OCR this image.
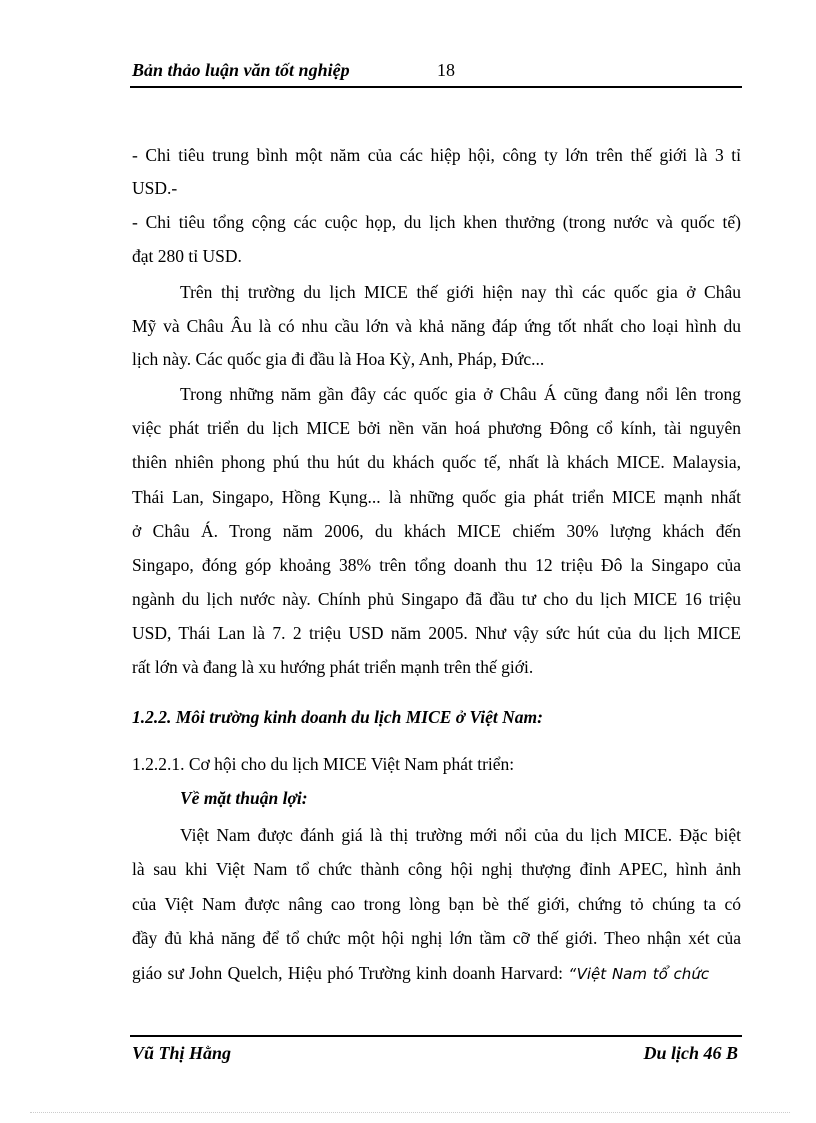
Bản thảo luận văn tốt nghiệp	18
- Chi tiêu trung bình một năm của các hiệp hội, công ty lớn trên thế giới là 3 tỉ
USD.-
- Chi tiêu tổng cộng các cuộc họp, du lịch khen thưởng (trong nước và quốc tế)
đạt 280 tỉ USD.
Trên thị trường du lịch MICE thế giới hiện nay thì các quốc gia ở Châu
Mỹ và Châu Âu là có nhu cầu lớn và khả năng đáp ứng tốt nhất cho loại hình du
lịch này. Các quốc gia đi đầu là Hoa Kỳ, Anh, Pháp, Đức...
Trong những năm gần đây các quốc gia ở Châu Á cũng đang nổi lên trong
việc phát triển du lịch MICE bởi nền văn hoá phương Đông cổ kính, tài nguyên
thiên nhiên phong phú thu hút du khách quốc tế, nhất là khách MICE. Malaysia,
Thái Lan, Singapo, Hồng Kụng... là những quốc gia phát triển MICE mạnh nhất
ở Châu Á. Trong năm 2006, du khách MICE chiếm 30% lượng khách đến
Singapo, đóng góp khoảng 38% trên tổng doanh thu 12 triệu Đô la Singapo của
ngành du lịch nước này. Chính phủ Singapo đã đầu tư cho du lịch MICE 16 triệu
USD, Thái Lan là 7. 2 triệu USD năm 2005. Như vậy sức hút của du lịch MICE
rất lớn và đang là xu hướng phát triển mạnh trên thế giới.
1.2.2. Môi trường kinh doanh du lịch MICE ở Việt Nam:
1.2.2.1. Cơ hội cho du lịch MICE Việt Nam phát triển:
Về mặt thuận lợi:
Việt Nam được đánh giá là thị trường mới nổi của du lịch MICE. Đặc biệt
là sau khi Việt Nam tổ chức thành công hội nghị thượng đỉnh APEC, hình ảnh
của Việt Nam được nâng cao trong lòng bạn bè thế giới, chứng tỏ chúng ta có
đầy đủ khả năng để tổ chức một hội nghị lớn tầm cỡ thế giới. Theo nhận xét của
giáo sư John Quelch, Hiệu phó Trường kinh doanh Harvard: “Việt Nam tổ chức
Vũ Thị Hằng	Du lịch 46 B
